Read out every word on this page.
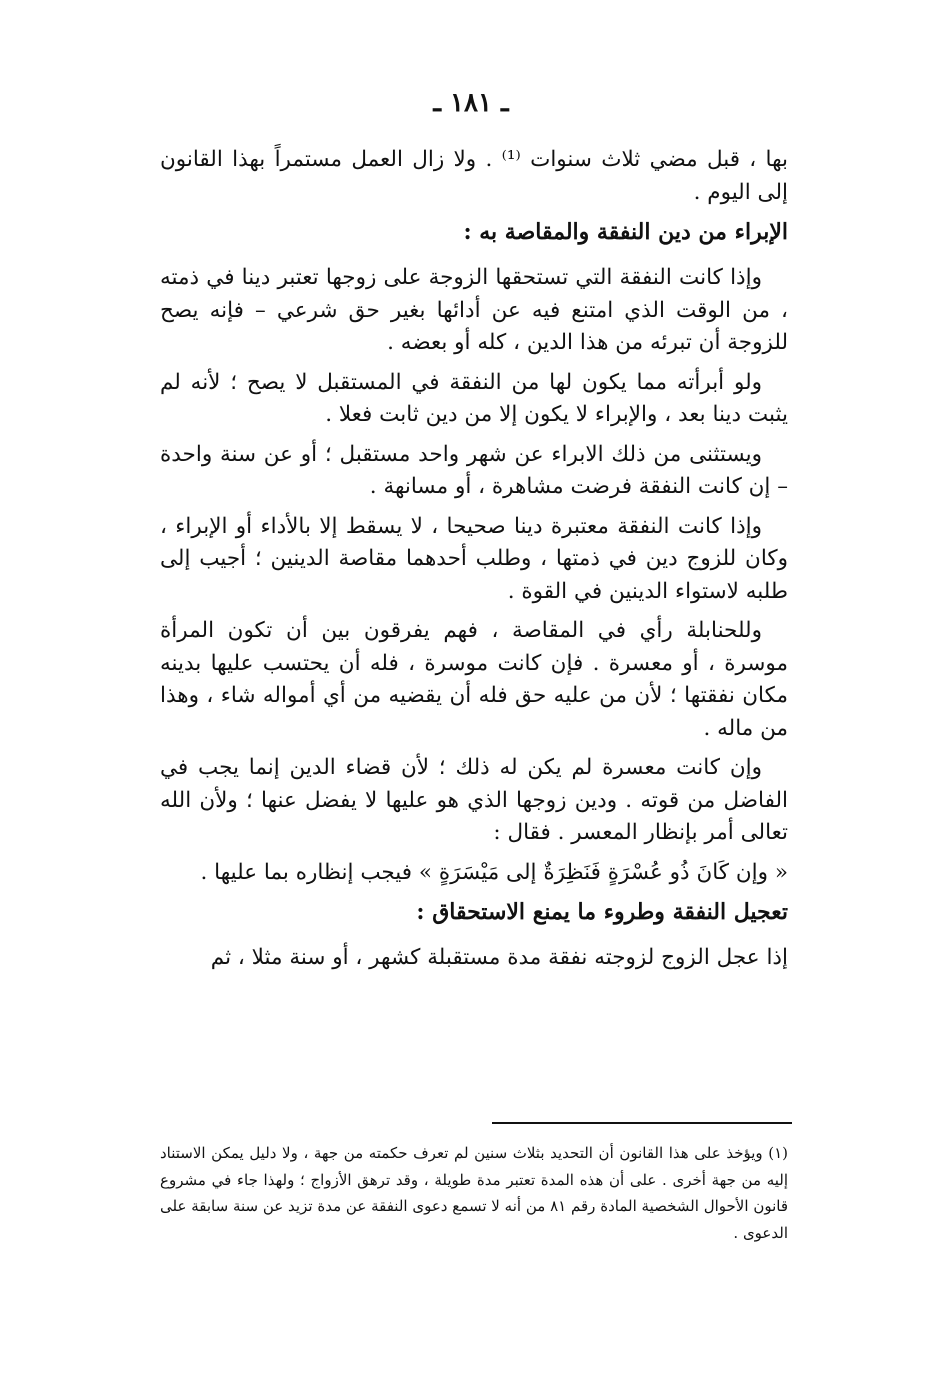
ـ ١٨١ ـ

بها ، قبل مضي ثلاث سنوات ⁽¹⁾ . ولا زال العمل مستمراً بهذا القانون إلى اليوم .

الإبراء من دين النفقة والمقاصة به :

وإذا كانت النفقة التي تستحقها الزوجة على زوجها تعتبر دينا في ذمته ، من الوقت الذي امتنع فيه عن أدائها بغير حق شرعي – فإنه يصح للزوجة أن تبرئه من هذا الدين ، كله أو بعضه .

ولو أبرأته مما يكون لها من النفقة في المستقبل لا يصح ؛ لأنه لم يثبت دينا بعد ، والإبراء لا يكون إلا من دين ثابت فعلا .

ويستثنى من ذلك الابراء عن شهر واحد مستقبل ؛ أو عن سنة واحدة – إن كانت النفقة فرضت مشاهرة ، أو مسانهة .

وإذا كانت النفقة معتبرة دينا صحيحا ، لا يسقط إلا بالأداء أو الإبراء ، وكان للزوج دين في ذمتها ، وطلب أحدهما مقاصة الدينين ؛ أجيب إلى طلبه لاستواء الدينين في القوة .

وللحنابلة رأي في المقاصة ، فهم يفرقون بين أن تكون المرأة موسرة ، أو معسرة . فإن كانت موسرة ، فله أن يحتسب عليها بدينه مكان نفقتها ؛ لأن من عليه حق فله أن يقضيه من أي أمواله شاء ، وهذا من ماله .

وإن كانت معسرة لم يكن له ذلك ؛ لأن قضاء الدين إنما يجب في الفاضل من قوته . ودين زوجها الذي هو عليها لا يفضل عنها ؛ ولأن الله تعالى أمر بإنظار المعسر . فقال :

« وإن كَانَ ذُو عُسْرَةٍ فَنَظِرَةٌ إلى مَيْسَرَةٍ » فيجب إنظاره بما عليها .

تعجيل النفقة وطروء ما يمنع الاستحقاق :

إذا عجل الزوج لزوجته نفقة مدة مستقبلة كشهر ، أو سنة مثلا ، ثم

(١) ويؤخذ على هذا القانون أن التحديد بثلاث سنين لم تعرف حكمته من جهة ، ولا دليل يمكن الاستناد إليه من جهة أخرى . على أن هذه المدة تعتبر مدة طويلة ، وقد ترهق الأزواج ؛ ولهذا جاء في مشروع قانون الأحوال الشخصية المادة رقم ٨١ من أنه لا تسمع دعوى النفقة عن مدة تزيد عن سنة سابقة على الدعوى .
